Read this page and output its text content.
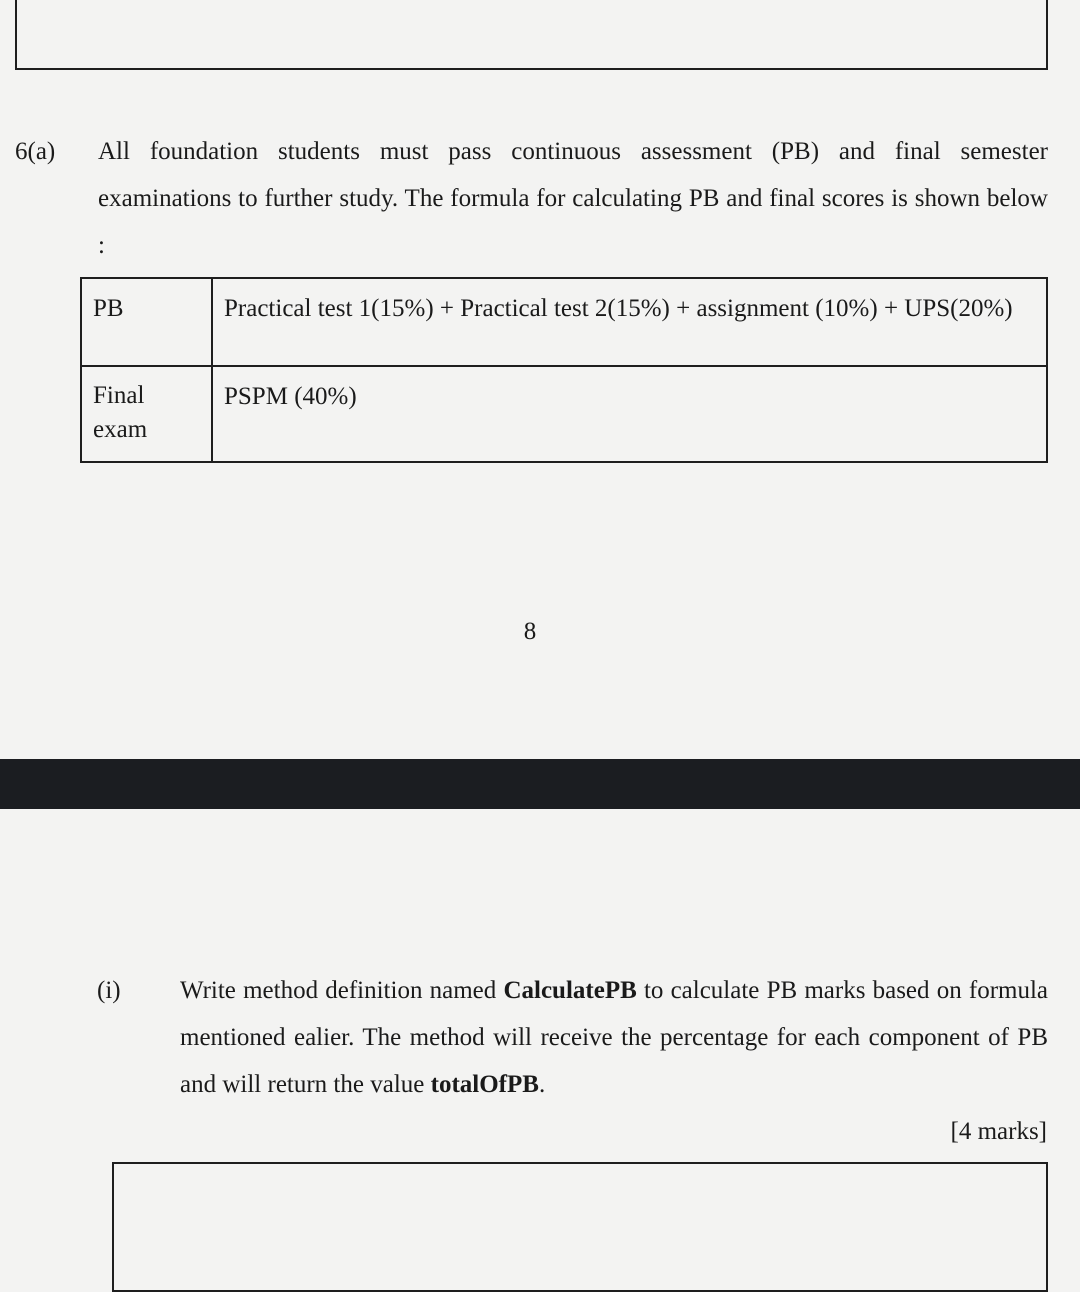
6(a) All foundation students must pass continuous assessment (PB) and final semester examinations to further study. The formula for calculating PB and final scores is shown below :
PB	Practical test 1(15%) + Practical test 2(15%) + assignment (10%) + UPS(20%)
Final exam	PSPM (40%)
8
(i) Write method definition named CalculatePB to calculate PB marks based on formula mentioned ealier. The method will receive the percentage for each component of PB and will return the value totalOfPB.
[4 marks]
